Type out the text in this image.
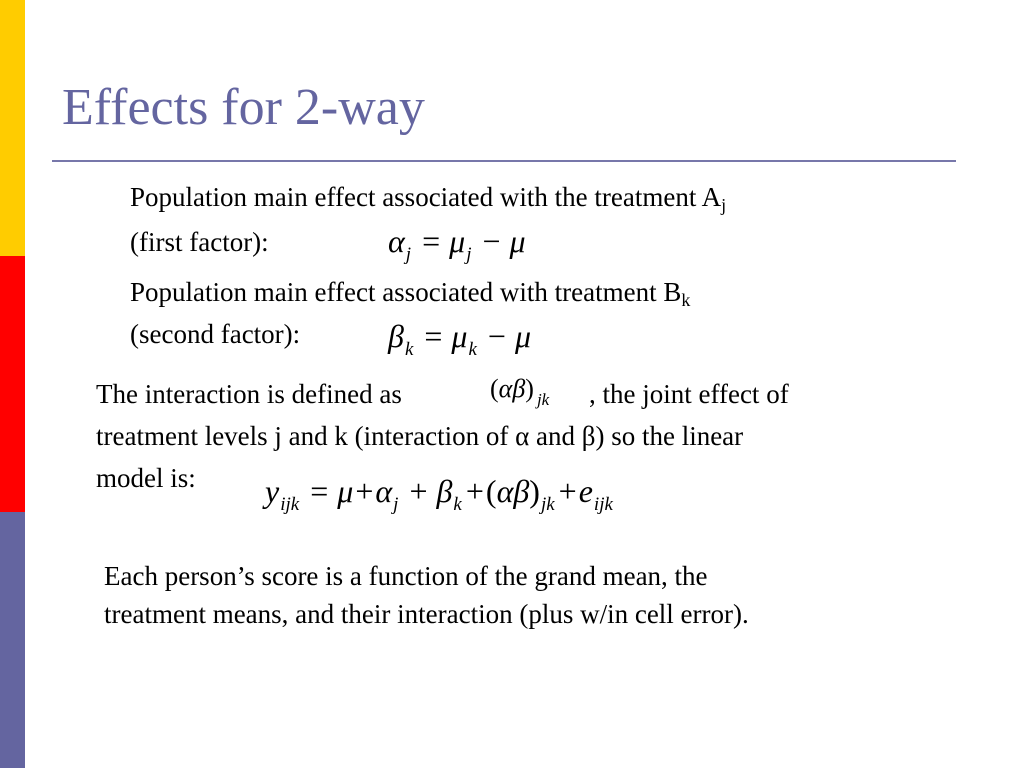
Effects for 2-way
Population main effect associated with the treatment $A_j$
(first factor):	$\alpha_j = \mu_j - \mu$
Population main effect associated with treatment $B_k$
(second factor):	$\beta_k = \mu_k - \mu$
The interaction is defined as	(αβ) $_{jk}$ , the joint effect of
treatment levels j and k (interaction of α and β) so the linear
model is: $y_{ijk} = \mu+\alpha_j + \beta_k +(\alpha\beta)_{jk} +e_{ijk}$
Each person’s score is a function of the grand mean, the
treatment means, and their interaction (plus w/in cell error).
